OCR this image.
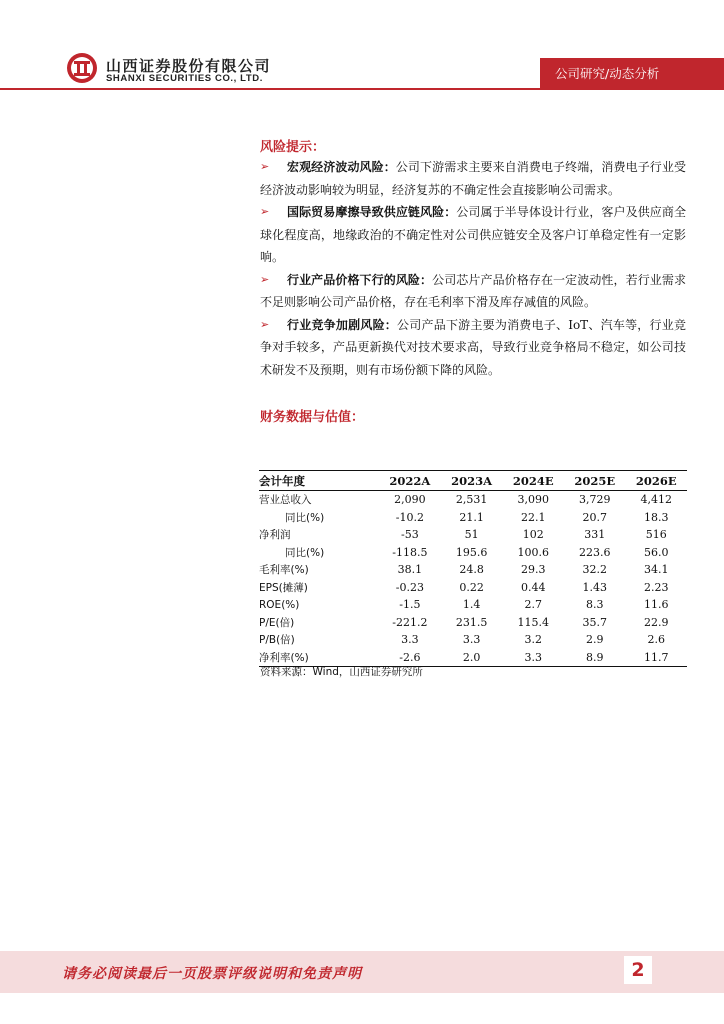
山西证券股份有限公司
SHANXI SECURITIES CO., LTD.	公司研究/动态分析
风险提示：
➢ 宏观经济波动风险：公司下游需求主要来自消费电子终端，消费电子行业受经济波动影响较为明显，经济复苏的不确定性会直接影响公司需求。
➢ 国际贸易摩擦导致供应链风险：公司属于半导体设计行业，客户及供应商全球化程度高，地缘政治的不确定性对公司供应链安全及客户订单稳定性有一定影响。
➢ 行业产品价格下行的风险：公司芯片产品价格存在一定波动性，若行业需求不足则影响公司产品价格，存在毛利率下滑及库存减值的风险。
➢ 行业竞争加剧风险：公司产品下游主要为消费电子、IoT、汽车等，行业竞争对手较多，产品更新换代对技术要求高，导致行业竞争格局不稳定，如公司技术研发不及预期，则有市场份额下降的风险。
财务数据与估值：
会计年度	2022A	2023A	2024E	2025E	2026E
营业总收入	2,090	2,531	3,090	3,729	4,412
同比(%)	-10.2	21.1	22.1	20.7	18.3
净利润	-53	51	102	331	516
同比(%)	-118.5	195.6	100.6	223.6	56.0
毛利率(%)	38.1	24.8	29.3	32.2	34.1
EPS(摊薄)	-0.23	0.22	0.44	1.43	2.23
ROE(%)	-1.5	1.4	2.7	8.3	11.6
P/E(倍)	-221.2	231.5	115.4	35.7	22.9
P/B(倍)	3.3	3.3	3.2	2.9	2.6
净利率(%)	-2.6	2.0	3.3	8.9	11.7
资料来源：Wind，山西证券研究所
请务必阅读最后一页股票评级说明和免责声明	2
